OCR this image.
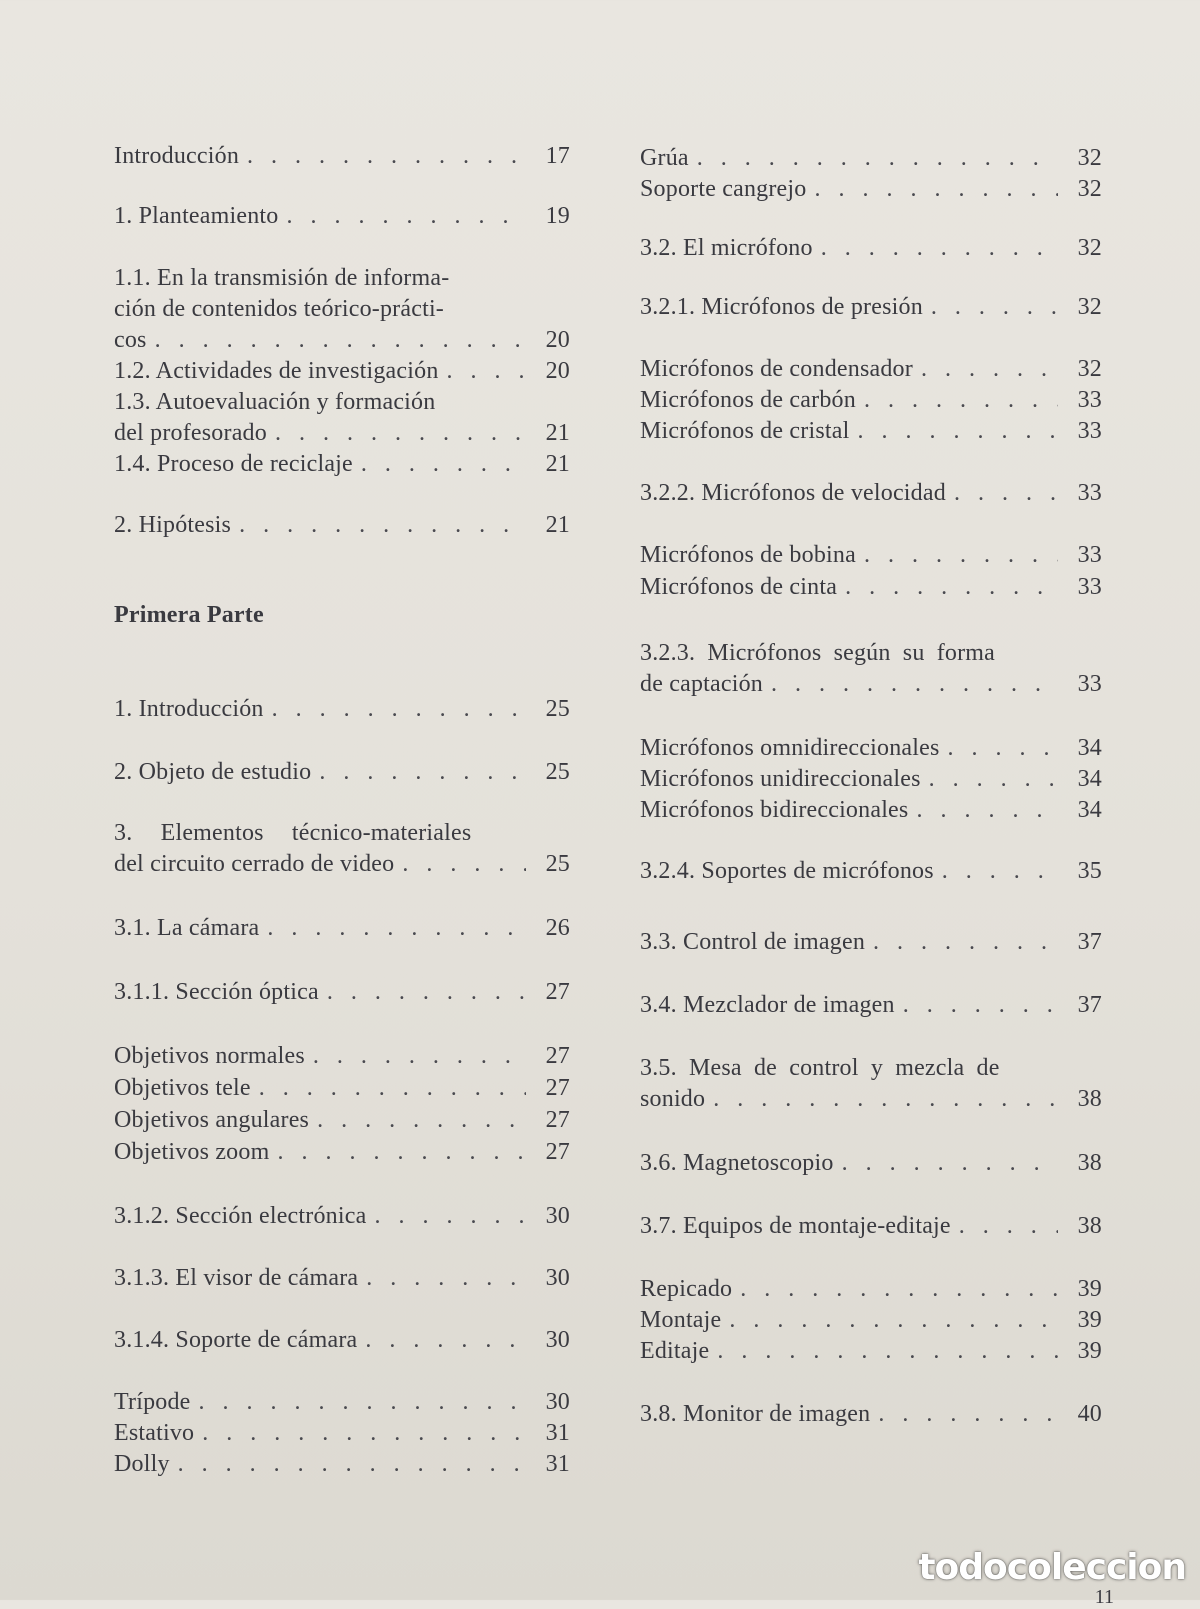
Introducción . . .	17
1. Planteamiento . . .	19
1.1. En la transmisión de informa-
ción de contenidos teórico-prácti-
cos . . .	20
1.2. Actividades de investigación . . .	20
1.3. Autoevaluación y formación
del profesorado . . .	21
1.4. Proceso de reciclaje . . .	21
2. Hipótesis . . .	21
Primera Parte
1. Introducción . . .	25
2. Objeto de estudio . . .	25
3. Elementos técnico-materiales
del circuito cerrado de video . . .	25
3.1. La cámara . . .	26
3.1.1. Sección óptica . . .	27
Objetivos normales . . .	27
Objetivos tele . . .	27
Objetivos angulares . . .	27
Objetivos zoom . . .	27
3.1.2. Sección electrónica . . .	30
3.1.3. El visor de cámara . . .	30
3.1.4. Soporte de cámara . . .	30
Trípode . . .	30
Estativo . . .	31
Dolly . . .	31
Grúa . . .	32
Soporte cangrejo . . .	32
3.2. El micrófono . . .	32
3.2.1. Micrófonos de presión . . .	32
Micrófonos de condensador . . .	32
Micrófonos de carbón . . .	33
Micrófonos de cristal . . .	33
3.2.2. Micrófonos de velocidad . . .	33
Micrófonos de bobina . . .	33
Micrófonos de cinta . . .	33
3.2.3. Micrófonos según su forma
de captación . . .	33
Micrófonos omnidireccionales . . .	34
Micrófonos unidireccionales . . .	34
Micrófonos bidireccionales . . .	34
3.2.4. Soportes de micrófonos . . .	35
3.3. Control de imagen . . .	37
3.4. Mezclador de imagen . . .	37
3.5. Mesa de control y mezcla de
sonido . . .	38
3.6. Magnetoscopio . . .	38
3.7. Equipos de montaje-editaje . . .	38
Repicado . . .	39
Montaje . . .	39
Editaje . . .	39
3.8. Monitor de imagen . . .	40
todocoleccion
11
